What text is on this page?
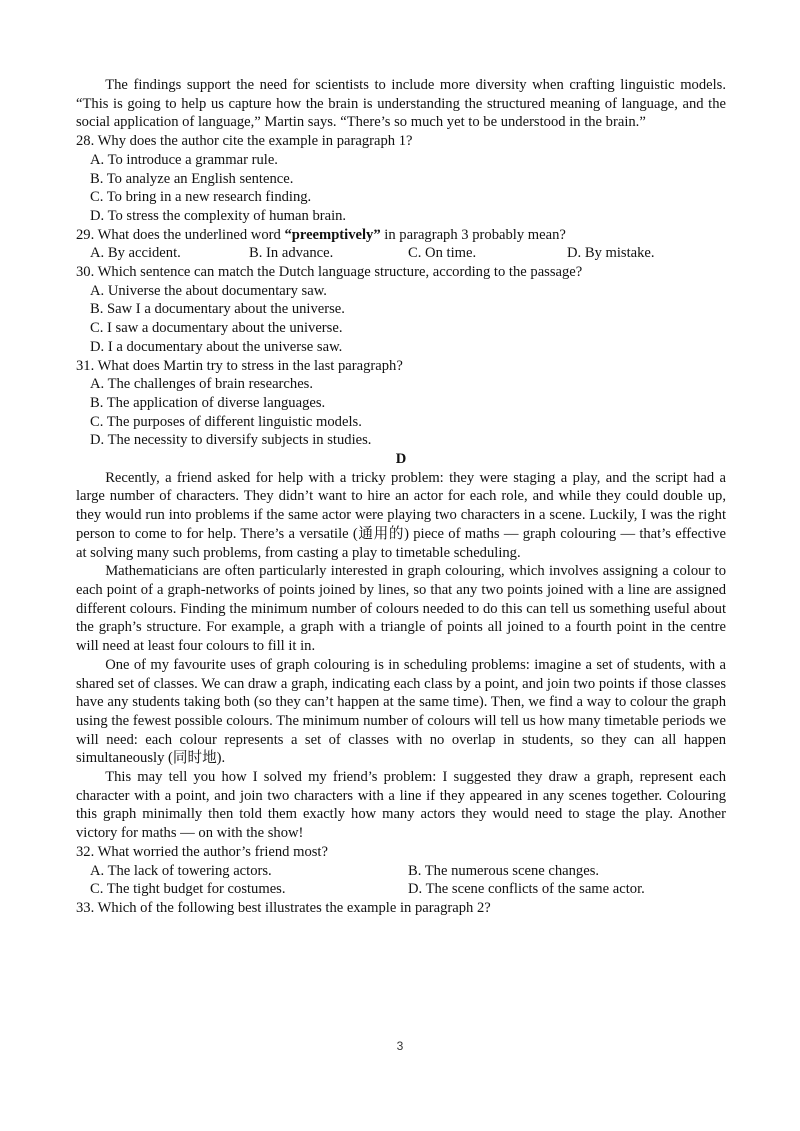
The findings support the need for scientists to include more diversity when crafting linguistic models. “This is going to help us capture how the brain is understanding the structured meaning of language, and the social application of language,” Martin says. “There’s so much yet to be understood in the brain.”

28. Why does the author cite the example in paragraph 1?

A. To introduce a grammar rule.

B. To analyze an English sentence.

C. To bring in a new research finding.

D. To stress the complexity of human brain.

29. What does the underlined word “preemptively” in paragraph 3 probably mean?

A. By accident.	B. In advance.	C. On time.	D. By mistake.

30. Which sentence can match the Dutch language structure, according to the passage?

A. Universe the about documentary saw.

B. Saw I a documentary about the universe.

C. I saw a documentary about the universe.

D. I a documentary about the universe saw.

31. What does Martin try to stress in the last paragraph?

A. The challenges of brain researches.

B. The application of diverse languages.

C. The purposes of different linguistic models.

D. The necessity to diversify subjects in studies.

D

Recently, a friend asked for help with a tricky problem: they were staging a play, and the script had a large number of characters. They didn’t want to hire an actor for each role, and while they could double up, they would run into problems if the same actor were playing two characters in a scene. Luckily, I was the right person to come to for help. There’s a versatile (通用的) piece of maths — graph colouring — that’s effective at solving many such problems, from casting a play to timetable scheduling.

Mathematicians are often particularly interested in graph colouring, which involves assigning a colour to each point of a graph-networks of points joined by lines, so that any two points joined with a line are assigned different colours. Finding the minimum number of colours needed to do this can tell us something useful about the graph’s structure. For example, a graph with a triangle of points all joined to a fourth point in the centre will need at least four colours to fill it in.

One of my favourite uses of graph colouring is in scheduling problems: imagine a set of students, with a shared set of classes. We can draw a graph, indicating each class by a point, and join two points if those classes have any students taking both (so they can’t happen at the same time). Then, we find a way to colour the graph using the fewest possible colours. The minimum number of colours will tell us how many timetable periods we will need: each colour represents a set of classes with no overlap in students, so they can all happen simultaneously (同时地).

This may tell you how I solved my friend’s problem: I suggested they draw a graph, represent each character with a point, and join two characters with a line if they appeared in any scenes together. Colouring this graph minimally then told them exactly how many actors they would need to stage the play. Another victory for maths — on with the show!

32. What worried the author’s friend most?

A. The lack of towering actors.	B. The numerous scene changes.
C. The tight budget for costumes.	D. The scene conflicts of the same actor.

33. Which of the following best illustrates the example in paragraph 2?

3
